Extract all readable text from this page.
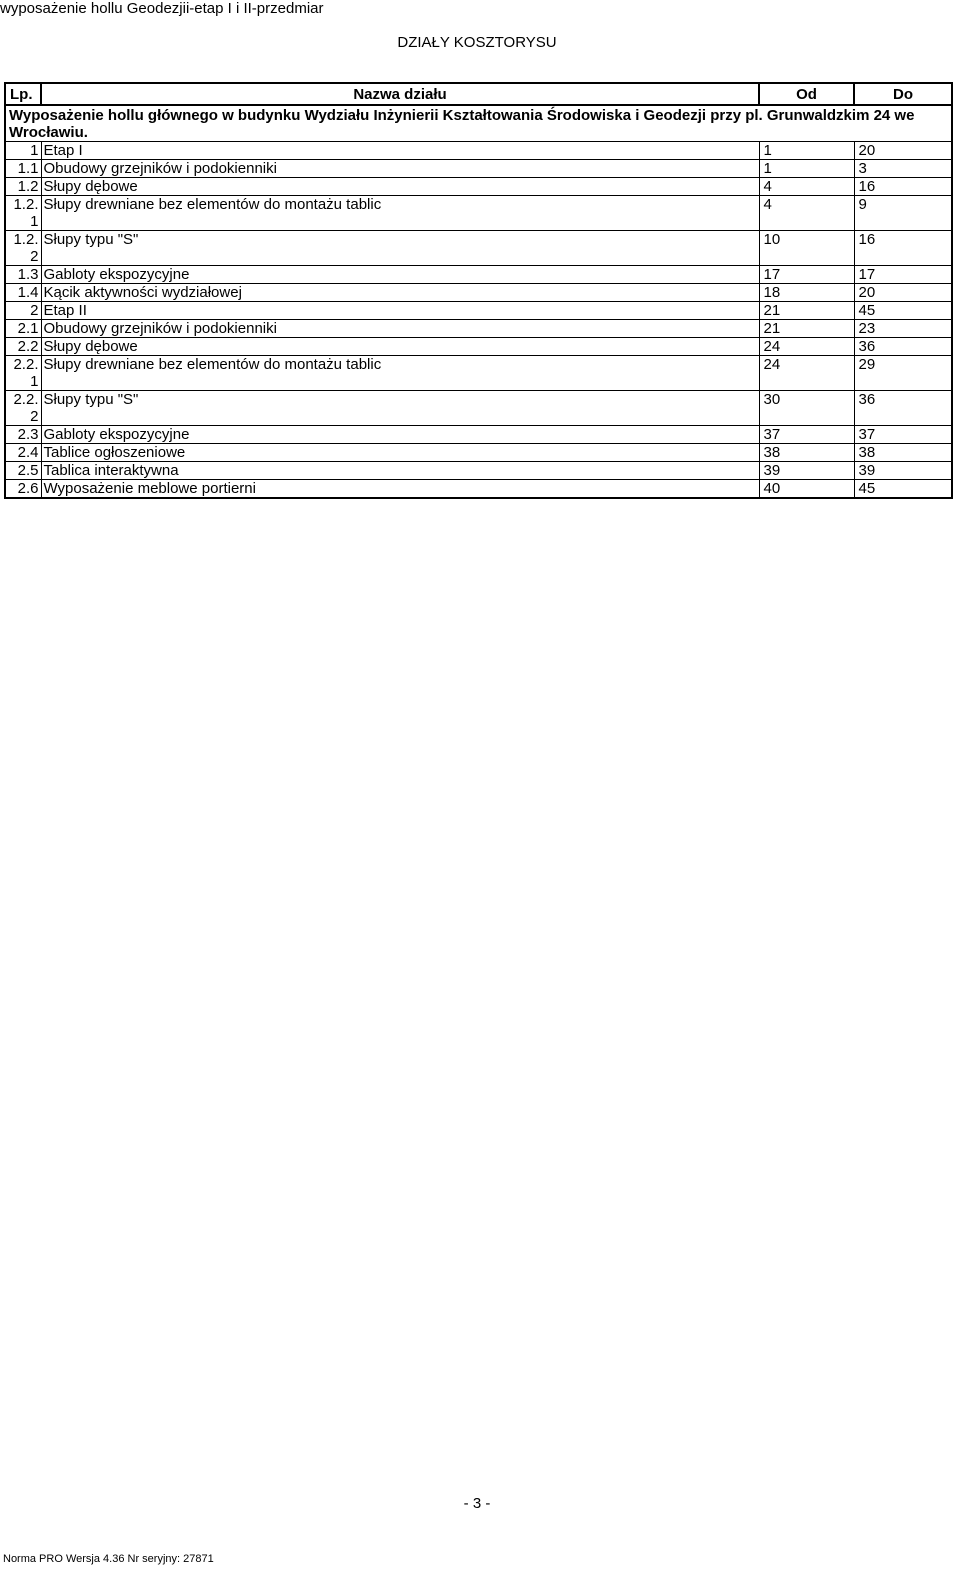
wyposażenie hollu Geodezjii-etap I i II-przedmiar
DZIAŁY KOSZTORYSU
Lp.	Nazwa działu	Od	Do
Wyposażenie hollu głównego w budynku Wydziału Inżynierii Kształtowania Środowiska i Geodezji przy pl. Grunwaldzkim 24 we Wrocławiu.			
1	Etap I	1	20
1.1	Obudowy grzejników i podokienniki	1	3
1.2	Słupy dębowe	4	16
1.2.1	Słupy drewniane bez elementów do montażu tablic	4	9
1.2.2	Słupy typu "S"	10	16
1.3	Gabloty ekspozycyjne	17	17
1.4	Kącik aktywności wydziałowej	18	20
2	Etap II	21	45
2.1	Obudowy grzejników i podokienniki	21	23
2.2	Słupy dębowe	24	36
2.2.1	Słupy drewniane bez elementów do montażu tablic	24	29
2.2.2	Słupy typu "S"	30	36
2.3	Gabloty ekspozycyjne	37	37
2.4	Tablice ogłoszeniowe	38	38
2.5	Tablica interaktywna	39	39
2.6	Wyposażenie meblowe portierni	40	45
- 3 -
Norma PRO Wersja 4.36 Nr seryjny: 27871
